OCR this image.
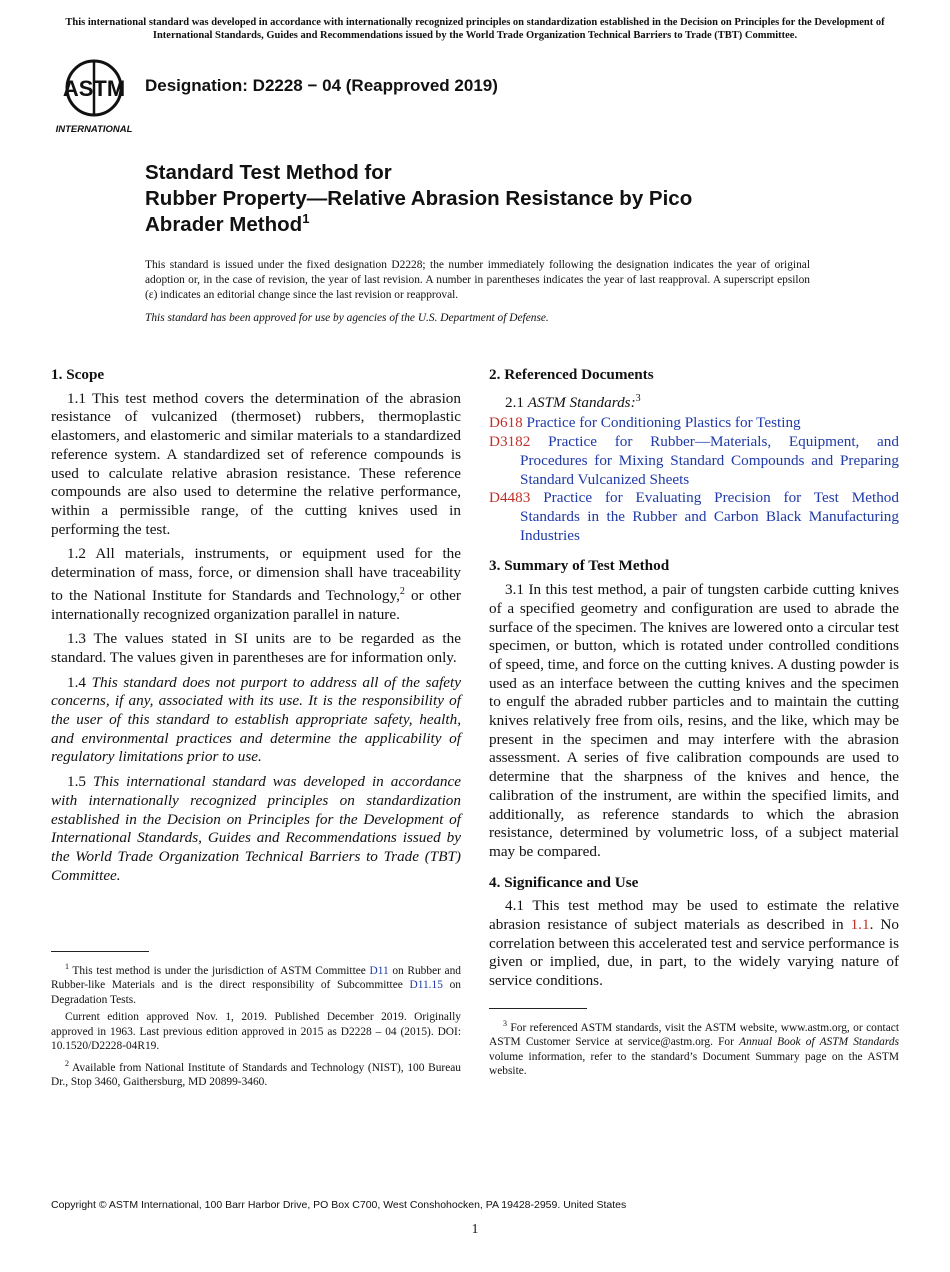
This international standard was developed in accordance with internationally recognized principles on standardization established in the Decision on Principles for the Development of International Standards, Guides and Recommendations issued by the World Trade Organization Technical Barriers to Trade (TBT) Committee.
ASTM
INTERNATIONAL
Designation: D2228 − 04 (Reapproved 2019)
Standard Test Method for
Rubber Property—Relative Abrasion Resistance by Pico
Abrader Method$^1$
This standard is issued under the fixed designation D2228; the number immediately following the designation indicates the year of original adoption or, in the case of revision, the year of last revision. A number in parentheses indicates the year of last reapproval. A superscript epsilon (ε) indicates an editorial change since the last revision or reapproval.
This standard has been approved for use by agencies of the U.S. Department of Defense.
1. Scope

1.1 This test method covers the determination of the abrasion resistance of vulcanized (thermoset) rubbers, thermoplastic elastomers, and elastomeric and similar materials to a standardized reference system. A standardized set of reference compounds is used to calculate relative abrasion resistance. These reference compounds are also used to determine the relative performance, within a permissible range, of the cutting knives used in performing the test.

1.2 All materials, instruments, or equipment used for the determination of mass, force, or dimension shall have traceability to the National Institute for Standards and Technology,$^2$ or other internationally recognized organization parallel in nature.

1.3 The values stated in SI units are to be regarded as the standard. The values given in parentheses are for information only.

1.4 This standard does not purport to address all of the safety concerns, if any, associated with its use. It is the responsibility of the user of this standard to establish appropriate safety, health, and environmental practices and determine the applicability of regulatory limitations prior to use.

1.5 This international standard was developed in accordance with internationally recognized principles on standardization established in the Decision on Principles for the Development of International Standards, Guides and Recommendations issued by the World Trade Organization Technical Barriers to Trade (TBT) Committee.

$^1$ This test method is under the jurisdiction of ASTM Committee D11 on Rubber and Rubber-like Materials and is the direct responsibility of Subcommittee D11.15 on Degradation Tests.

Current edition approved Nov. 1, 2019. Published December 2019. Originally approved in 1963. Last previous edition approved in 2015 as D2228 – 04 (2015). DOI: 10.1520/D2228-04R19.

$^2$ Available from National Institute of Standards and Technology (NIST), 100 Bureau Dr., Stop 3460, Gaithersburg, MD 20899-3460.

2. Referenced Documents

2.1 ASTM Standards:$^3$

D618 Practice for Conditioning Plastics for Testing

D3182 Practice for Rubber—Materials, Equipment, and Procedures for Mixing Standard Compounds and Preparing Standard Vulcanized Sheets

D4483 Practice for Evaluating Precision for Test Method Standards in the Rubber and Carbon Black Manufacturing Industries

3. Summary of Test Method

3.1 In this test method, a pair of tungsten carbide cutting knives of a specified geometry and configuration are used to abrade the surface of the specimen. The knives are lowered onto a circular test specimen, or button, which is rotated under controlled conditions of speed, time, and force on the cutting knives. A dusting powder is used as an interface between the cutting knives and the specimen to engulf the abraded rubber particles and to maintain the cutting knives relatively free from oils, resins, and the like, which may be present in the specimen and may interfere with the abrasion assessment. A series of five calibration compounds are used to determine that the sharpness of the knives and hence, the calibration of the instrument, are within the specified limits, and additionally, as reference standards to which the abrasion resistance, determined by volumetric loss, of a subject material may be compared.

4. Significance and Use

4.1 This test method may be used to estimate the relative abrasion resistance of subject materials as described in 1.1. No correlation between this accelerated test and service performance is given or implied, due, in part, to the widely varying nature of service conditions.

$^3$ For referenced ASTM standards, visit the ASTM website, www.astm.org, or contact ASTM Customer Service at service@astm.org. For Annual Book of ASTM Standards volume information, refer to the standard’s Document Summary page on the ASTM website.

Copyright © ASTM International, 100 Barr Harbor Drive, PO Box C700, West Conshohocken, PA 19428-2959. United States
1
